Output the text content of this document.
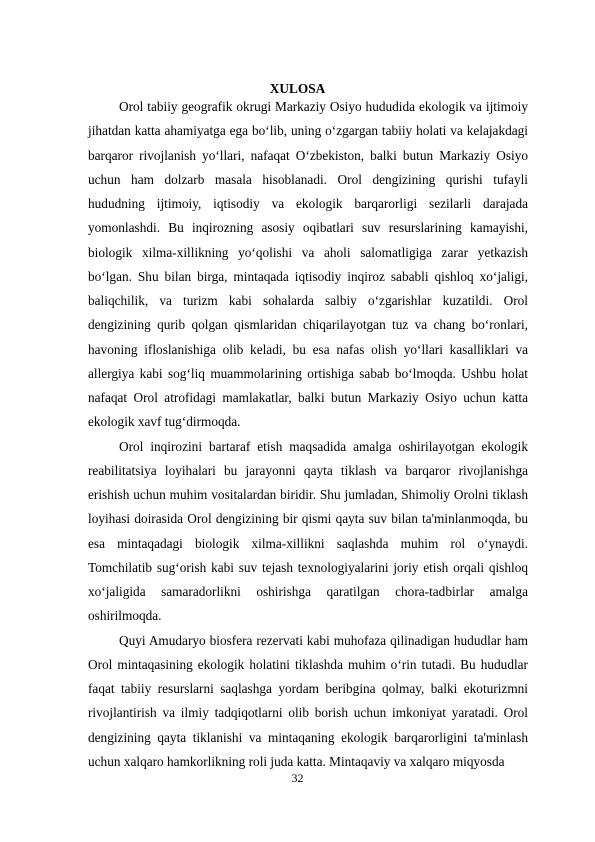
XULOSA

Orol tabiiy geografik okrugi Markaziy Osiyo hududida ekologik va ijtimoiy jihatdan katta ahamiyatga ega bo‘lib, uning o‘zgargan tabiiy holati va kelajakdagi barqaror rivojlanish yo‘llari, nafaqat O‘zbekiston, balki butun Markaziy Osiyo uchun ham dolzarb masala hisoblanadi. Orol dengizining qurishi tufayli hududning ijtimoiy, iqtisodiy va ekologik barqarorligi sezilarli darajada yomonlashdi. Bu inqirozning asosiy oqibatlari suv resurslarining kamayishi, biologik xilma-xillikning yo‘qolishi va aholi salomatligiga zarar yetkazish bo‘lgan. Shu bilan birga, mintaqada iqtisodiy inqiroz sababli qishloq xo‘jaligi, baliqchilik, va turizm kabi sohalarda salbiy o‘zgarishlar kuzatildi. Orol dengizining qurib qolgan qismlaridan chiqarilayotgan tuz va chang bo‘ronlari, havoning ifloslanishiga olib keladi, bu esa nafas olish yo‘llari kasalliklari va allergiya kabi sog‘liq muammolarining ortishiga sabab bo‘lmoqda. Ushbu holat nafaqat Orol atrofidagi mamlakatlar, balki butun Markaziy Osiyo uchun katta ekologik xavf tug‘dirmoqda.

Orol inqirozini bartaraf etish maqsadida amalga oshirilayotgan ekologik reabilitatsiya loyihalari bu jarayonni qayta tiklash va barqaror rivojlanishga erishish uchun muhim vositalardan biridir. Shu jumladan, Shimoliy Orolni tiklash loyihasi doirasida Orol dengizining bir qismi qayta suv bilan ta'minlanmoqda, bu esa mintaqadagi biologik xilma-xillikni saqlashda muhim rol o‘ynaydi. Tomchilatib sug‘orish kabi suv tejash texnologiyalarini joriy etish orqali qishloq xo‘jaligida samaradorlikni oshirishga qaratilgan chora-tadbirlar amalga oshirilmoqda.

Quyi Amudaryo biosfera rezervati kabi muhofaza qilinadigan hududlar ham Orol mintaqasining ekologik holatini tiklashda muhim o‘rin tutadi. Bu hududlar faqat tabiiy resurslarni saqlashga yordam beribgina qolmay, balki ekoturizmni rivojlantirish va ilmiy tadqiqotlarni olib borish uchun imkoniyat yaratadi. Orol dengizining qayta tiklanishi va mintaqaning ekologik barqarorligini ta'minlash uchun xalqaro hamkorlikning roli juda katta. Mintaqaviy va xalqaro miqyosda

32
